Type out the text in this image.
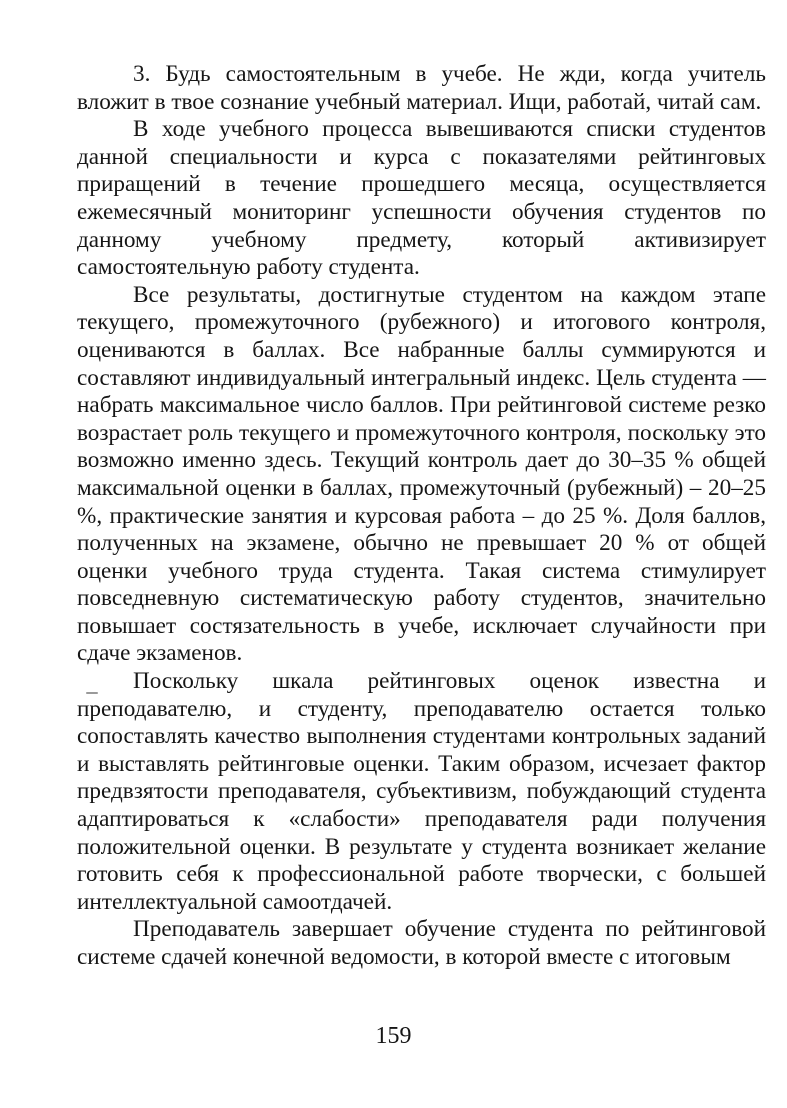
3. Будь самостоятельным в учебе. Не жди, когда учитель вложит в твое сознание учебный материал. Ищи, работай, читай сам.

В ходе учебного процесса вывешиваются списки студентов данной специальности и курса с показателями рейтинговых приращений в течение прошедшего месяца, осуществляется ежемесячный мониторинг успешности обучения студентов по данному учебному предмету, который активизирует самостоятельную работу студента.

Все результаты, достигнутые студентом на каждом этапе текущего, промежуточного (рубежного) и итогового контроля, оцениваются в баллах. Все набранные баллы суммируются и составляют индивидуальный интегральный индекс. Цель студента — набрать максимальное число баллов. При рейтинговой системе резко возрастает роль текущего и промежуточного контроля, поскольку это возможно именно здесь. Текущий контроль дает до 30–35 % общей максимальной оценки в баллах, промежуточный (рубежный) – 20–25 %, практические занятия и курсовая работа – до 25 %. Доля баллов, полученных на экзамене, обычно не превышает 20 % от общей оценки учебного труда студента. Такая система стимулирует повседневную систематическую работу студентов, значительно повышает состязательность в учебе, исключает случайности при сдаче экзаменов.

Поскольку шкала рейтинговых оценок известна и преподавателю, и студенту, преподавателю остается только сопоставлять качество выполнения студентами контрольных заданий и выставлять рейтинговые оценки. Таким образом, исчезает фактор предвзятости преподавателя, субъективизм, побуждающий студента адаптироваться к «слабости» преподавателя ради получения положительной оценки. В результате у студента возникает желание готовить себя к профессиональной работе творчески, с большей интеллектуальной самоотдачей.

Преподаватель завершает обучение студента по рейтинговой системе сдачей конечной ведомости, в которой вместе с итоговым

159
